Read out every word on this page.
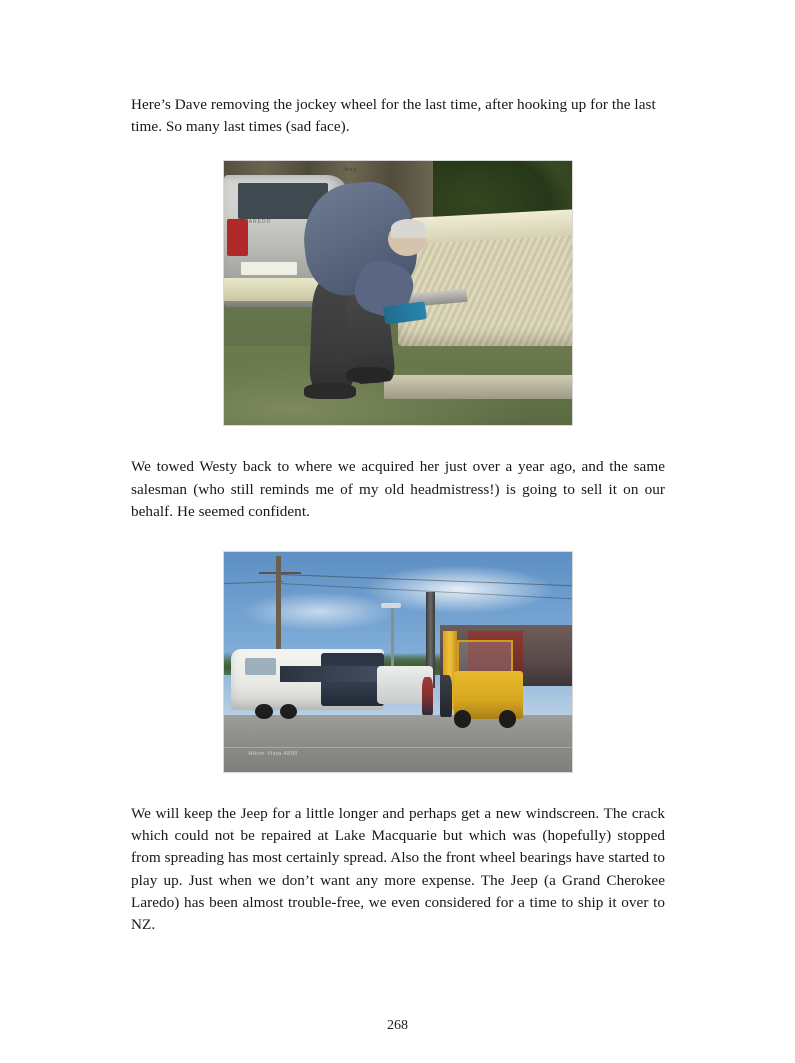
Here’s Dave removing the jockey wheel for the last time, after hooking up for the last time. So many last times (sad face).

Jeep
LAREDO

We towed Westy back to where we acquired her just over a year ago, and the same salesman (who still reminds me of my old headmistress!) is going to sell it on our behalf. He seemed confident.

Nikon Vista 4800

We will keep the Jeep for a little longer and perhaps get a new windscreen. The crack which could not be repaired at Lake Macquarie but which was (hopefully) stopped from spreading has most certainly spread. Also the front wheel bearings have started to play up. Just when we don’t want any more expense. The Jeep (a Grand Cherokee Laredo) has been almost trouble-free, we even considered for a time to ship it over to NZ.

268
